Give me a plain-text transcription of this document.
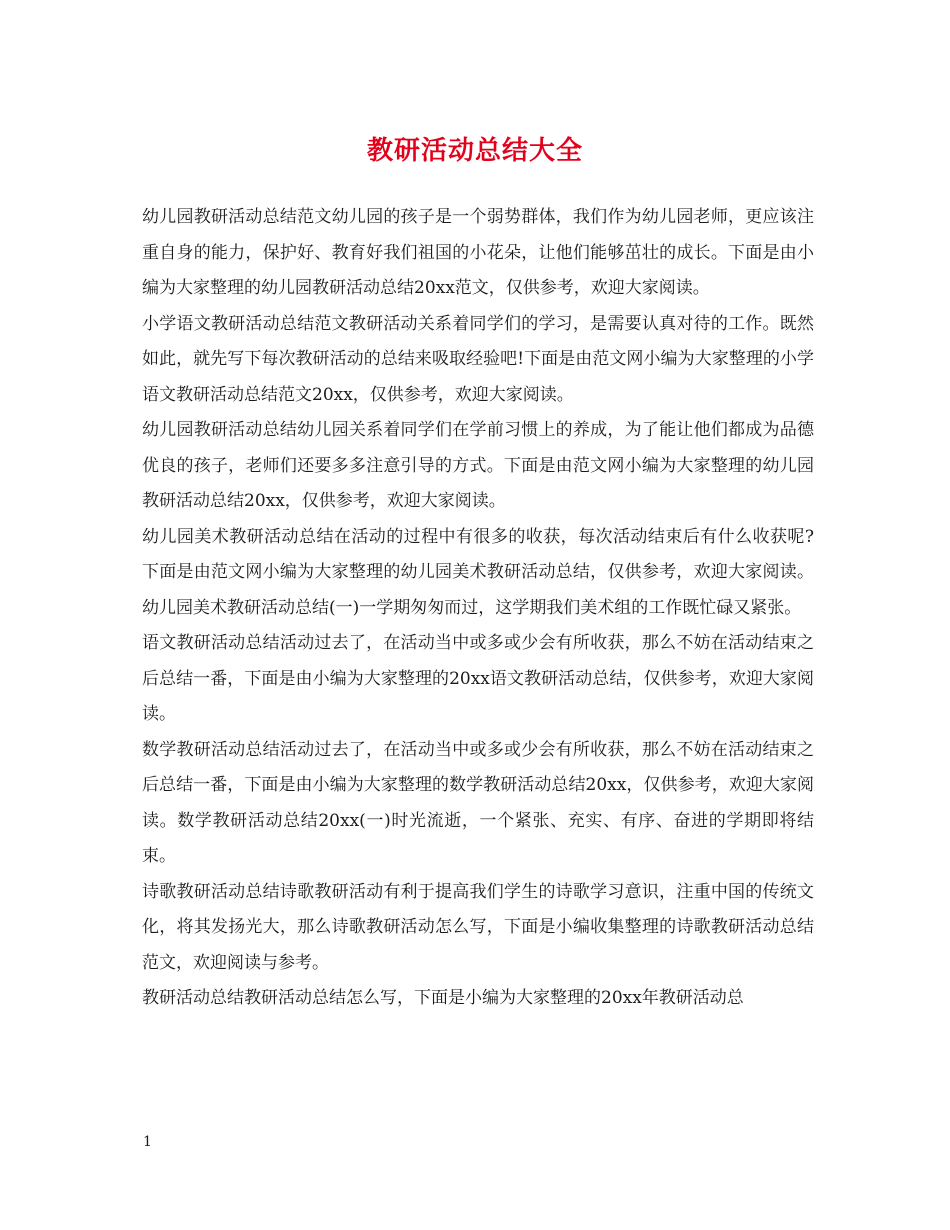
教研活动总结大全

幼儿园教研活动总结范文幼儿园的孩子是一个弱势群体，我们作为幼儿园老师，更应该注重自身的能力，保护好、教育好我们祖国的小花朵，让他们能够茁壮的成长。下面是由小编为大家整理的幼儿园教研活动总结20xx范文，仅供参考，欢迎大家阅读。

小学语文教研活动总结范文教研活动关系着同学们的学习，是需要认真对待的工作。既然如此，就先写下每次教研活动的总结来吸取经验吧!下面是由范文网小编为大家整理的小学语文教研活动总结范文20xx，仅供参考，欢迎大家阅读。

幼儿园教研活动总结幼儿园关系着同学们在学前习惯上的养成，为了能让他们都成为品德优良的孩子，老师们还要多多注意引导的方式。下面是由范文网小编为大家整理的幼儿园教研活动总结20xx，仅供参考，欢迎大家阅读。

幼儿园美术教研活动总结在活动的过程中有很多的收获，每次活动结束后有什么收获呢?下面是由范文网小编为大家整理的幼儿园美术教研活动总结，仅供参考，欢迎大家阅读。幼儿园美术教研活动总结(一)一学期匆匆而过，这学期我们美术组的工作既忙碌又紧张。

语文教研活动总结活动过去了，在活动当中或多或少会有所收获，那么不妨在活动结束之后总结一番，下面是由小编为大家整理的20xx语文教研活动总结，仅供参考，欢迎大家阅读。

数学教研活动总结活动过去了，在活动当中或多或少会有所收获，那么不妨在活动结束之后总结一番，下面是由小编为大家整理的数学教研活动总结20xx，仅供参考，欢迎大家阅读。数学教研活动总结20xx(一)时光流逝，一个紧张、充实、有序、奋进的学期即将结束。

诗歌教研活动总结诗歌教研活动有利于提高我们学生的诗歌学习意识，注重中国的传统文化，将其发扬光大，那么诗歌教研活动怎么写，下面是小编收集整理的诗歌教研活动总结范文，欢迎阅读与参考。

教研活动总结教研活动总结怎么写，下面是小编为大家整理的20xx年教研活动总

1
